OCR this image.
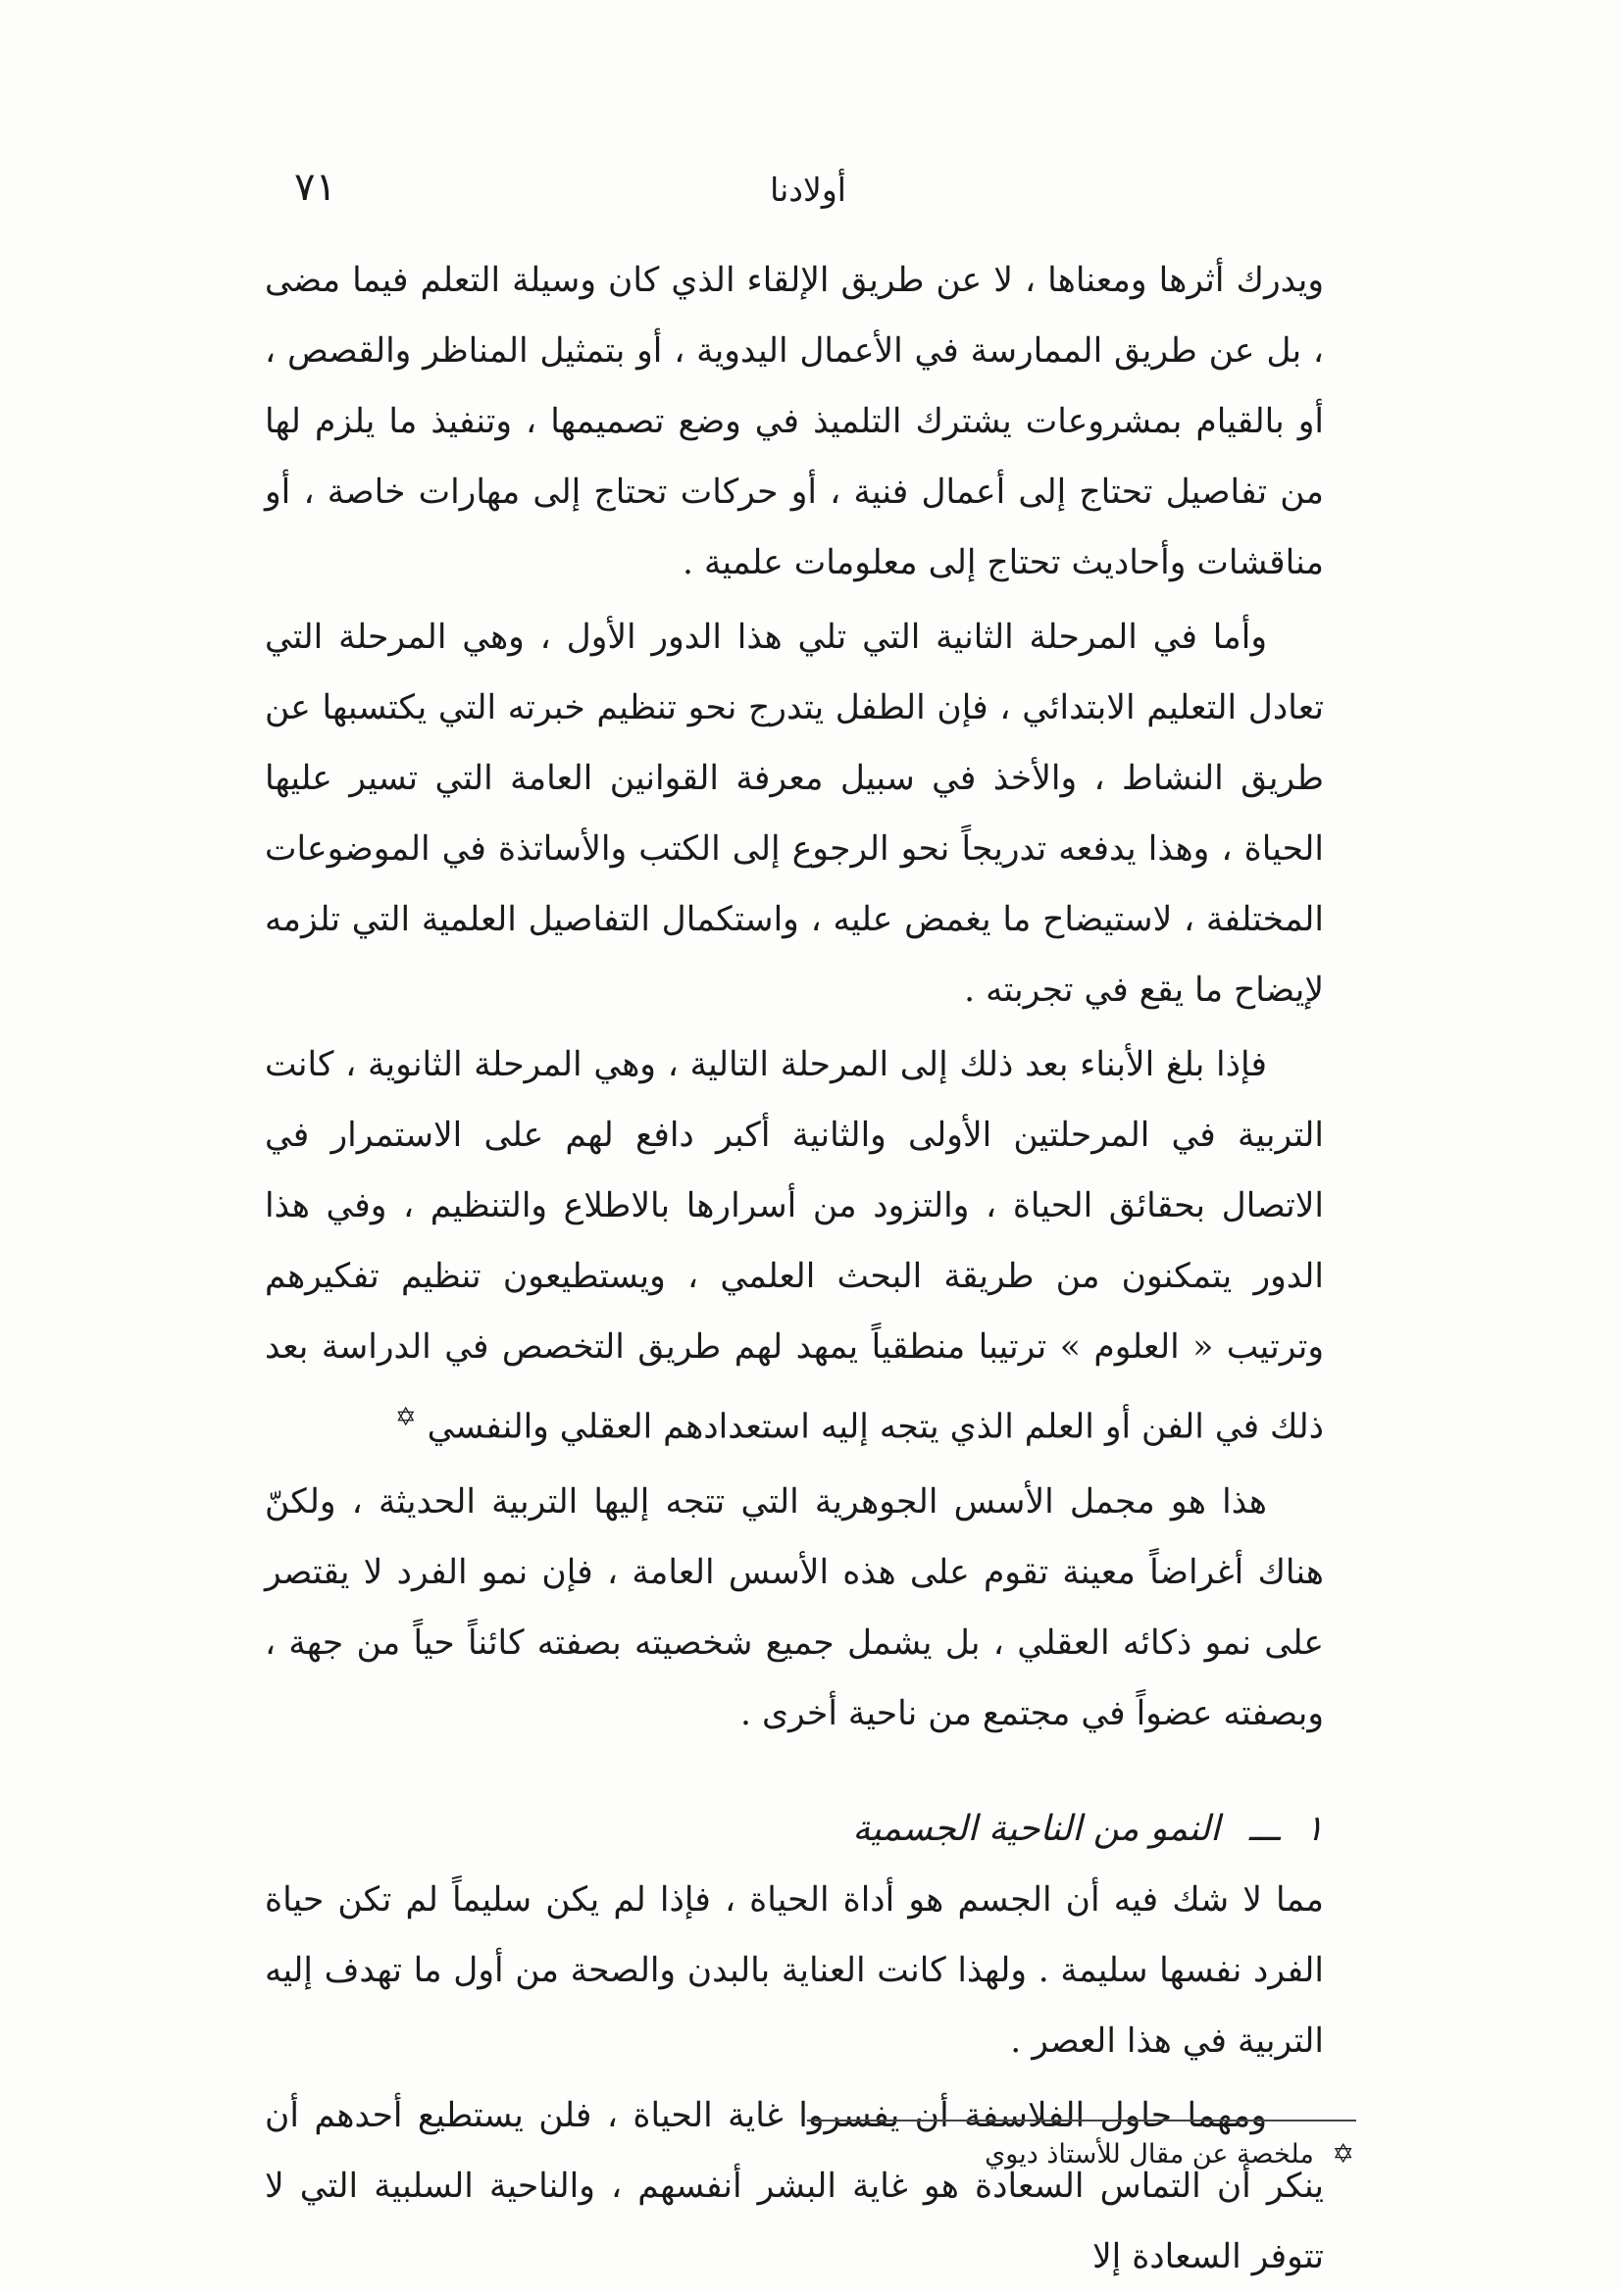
أولادنا
٧١

ويدرك أثرها ومعناها ، لا عن طريق الإلقاء الذي كان وسيلة التعلم فيما مضى ، بل عن طريق الممارسة في الأعمال اليدوية ، أو بتمثيل المناظر والقصص ، أو بالقيام بمشروعات يشترك التلميذ في وضع تصميمها ، وتنفيذ ما يلزم لها من تفاصيل تحتاج إلى أعمال فنية ، أو حركات تحتاج إلى مهارات خاصة ، أو مناقشات وأحاديث تحتاج إلى معلومات علمية .

وأما في المرحلة الثانية التي تلي هذا الدور الأول ، وهي المرحلة التي تعادل التعليم الابتدائي ، فإن الطفل يتدرج نحو تنظيم خبرته التي يكتسبها عن طريق النشاط ، والأخذ في سبيل معرفة القوانين العامة التي تسير عليها الحياة ، وهذا يدفعه تدريجاً نحو الرجوع إلى الكتب والأساتذة في الموضوعات المختلفة ، لاستيضاح ما يغمض عليه ، واستكمال التفاصيل العلمية التي تلزمه لإيضاح ما يقع في تجربته .

فإذا بلغ الأبناء بعد ذلك إلى المرحلة التالية ، وهي المرحلة الثانوية ، كانت التربية في المرحلتين الأولى والثانية أكبر دافع لهم على الاستمرار في الاتصال بحقائق الحياة ، والتزود من أسرارها بالاطلاع والتنظيم ، وفي هذا الدور يتمكنون من طريقة البحث العلمي ، ويستطيعون تنظيم تفكيرهم وترتيب « العلوم » ترتيبا منطقياً يمهد لهم طريق التخصص في الدراسة بعد ذلك في الفن أو العلم الذي يتجه إليه استعدادهم العقلي والنفسي ✡

هذا هو مجمل الأسس الجوهرية التي تتجه إليها التربية الحديثة ، ولكنّ هناك أغراضاً معينة تقوم على هذه الأسس العامة ، فإن نمو الفرد لا يقتصر على نمو ذكائه العقلي ، بل يشمل جميع شخصيته بصفته كائناً حياً من جهة ، وبصفته عضواً في مجتمع من ناحية أخرى .

١ ـــ النمو من الناحية الجسمية

مما لا شك فيه أن الجسم هو أداة الحياة ، فإذا لم يكن سليماً لم تكن حياة الفرد نفسها سليمة . ولهذا كانت العناية بالبدن والصحة من أول ما تهدف إليه التربية في هذا العصر .

ومهما حاول الفلاسفة أن يفسروا غاية الحياة ، فلن يستطيع أحدهم أن ينكر أن التماس السعادة هو غاية البشر أنفسهم ، والناحية السلبية التي لا تتوفر السعادة إلا

✡ ملخصة عن مقال للأستاذ ديوي
